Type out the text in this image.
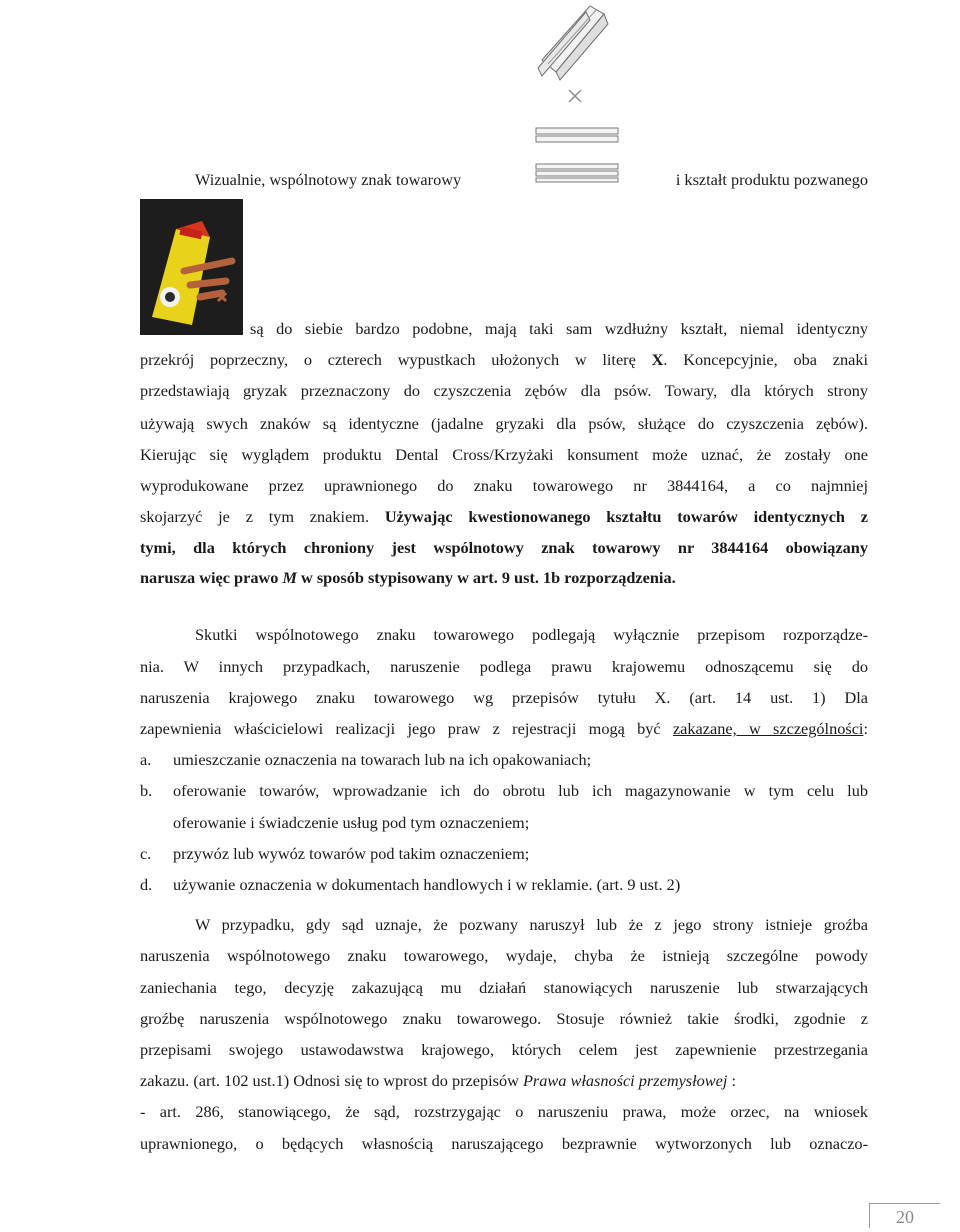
Wizualnie, wspólnotowy znak towarowy	i kształt produktu pozwanego
są do siebie bardzo podobne, mają taki sam wzdłużny kształt, niemal identyczny
przekrój poprzeczny, o czterech wypustkach ułożonych w literę X. Koncepcyjnie, oba znaki
przedstawiają gryzak przeznaczony do czyszczenia zębów dla psów. Towary, dla których strony
używają swych znaków są identyczne (jadalne gryzaki dla psów, służące do czyszczenia zębów).
Kierując się wyglądem produktu Dental Cross/Krzyżaki konsument może uznać, że zostały one
wyprodukowane przez uprawnionego do znaku towarowego nr 3844164, a co najmniej
skojarzyć je z tym znakiem. Używając kwestionowanego kształtu towarów identycznych z
tymi, dla których chroniony jest wspólnotowy znak towarowy nr 3844164 obowiązany
narusza więc prawo M w sposób stypisowany w art. 9 ust. 1b rozporządzenia.
Skutki wspólnotowego znaku towarowego podlegają wyłącznie przepisom rozporządze-
nia. W innych przypadkach, naruszenie podlega prawu krajowemu odnoszącemu się do
naruszenia krajowego znaku towarowego wg przepisów tytułu X. (art. 14 ust. 1) Dla
zapewnienia właścicielowi realizacji jego praw z rejestracji mogą być zakazane, w szczególności:
a. umieszczanie oznaczenia na towarach lub na ich opakowaniach;
b. oferowanie towarów, wprowadzanie ich do obrotu lub ich magazynowanie w tym celu lub
oferowanie i świadczenie usług pod tym oznaczeniem;
c. przywóz lub wywóz towarów pod takim oznaczeniem;
d. używanie oznaczenia w dokumentach handlowych i w reklamie. (art. 9 ust. 2)
W przypadku, gdy sąd uznaje, że pozwany naruszył lub że z jego strony istnieje groźba
naruszenia wspólnotowego znaku towarowego, wydaje, chyba że istnieją szczególne powody
zaniechania tego, decyzję zakazującą mu działań stanowiących naruszenie lub stwarzających
groźbę naruszenia wspólnotowego znaku towarowego. Stosuje również takie środki, zgodnie z
przepisami swojego ustawodawstwa krajowego, których celem jest zapewnienie przestrzegania
zakazu. (art. 102 ust.1) Odnosi się to wprost do przepisów Prawa własności przemysłowej :
- art. 286, stanowiącego, że sąd, rozstrzygając o naruszeniu prawa, może orzec, na wniosek
uprawnionego, o będących własnością naruszającego bezprawnie wytworzonych lub oznaczo-
20
